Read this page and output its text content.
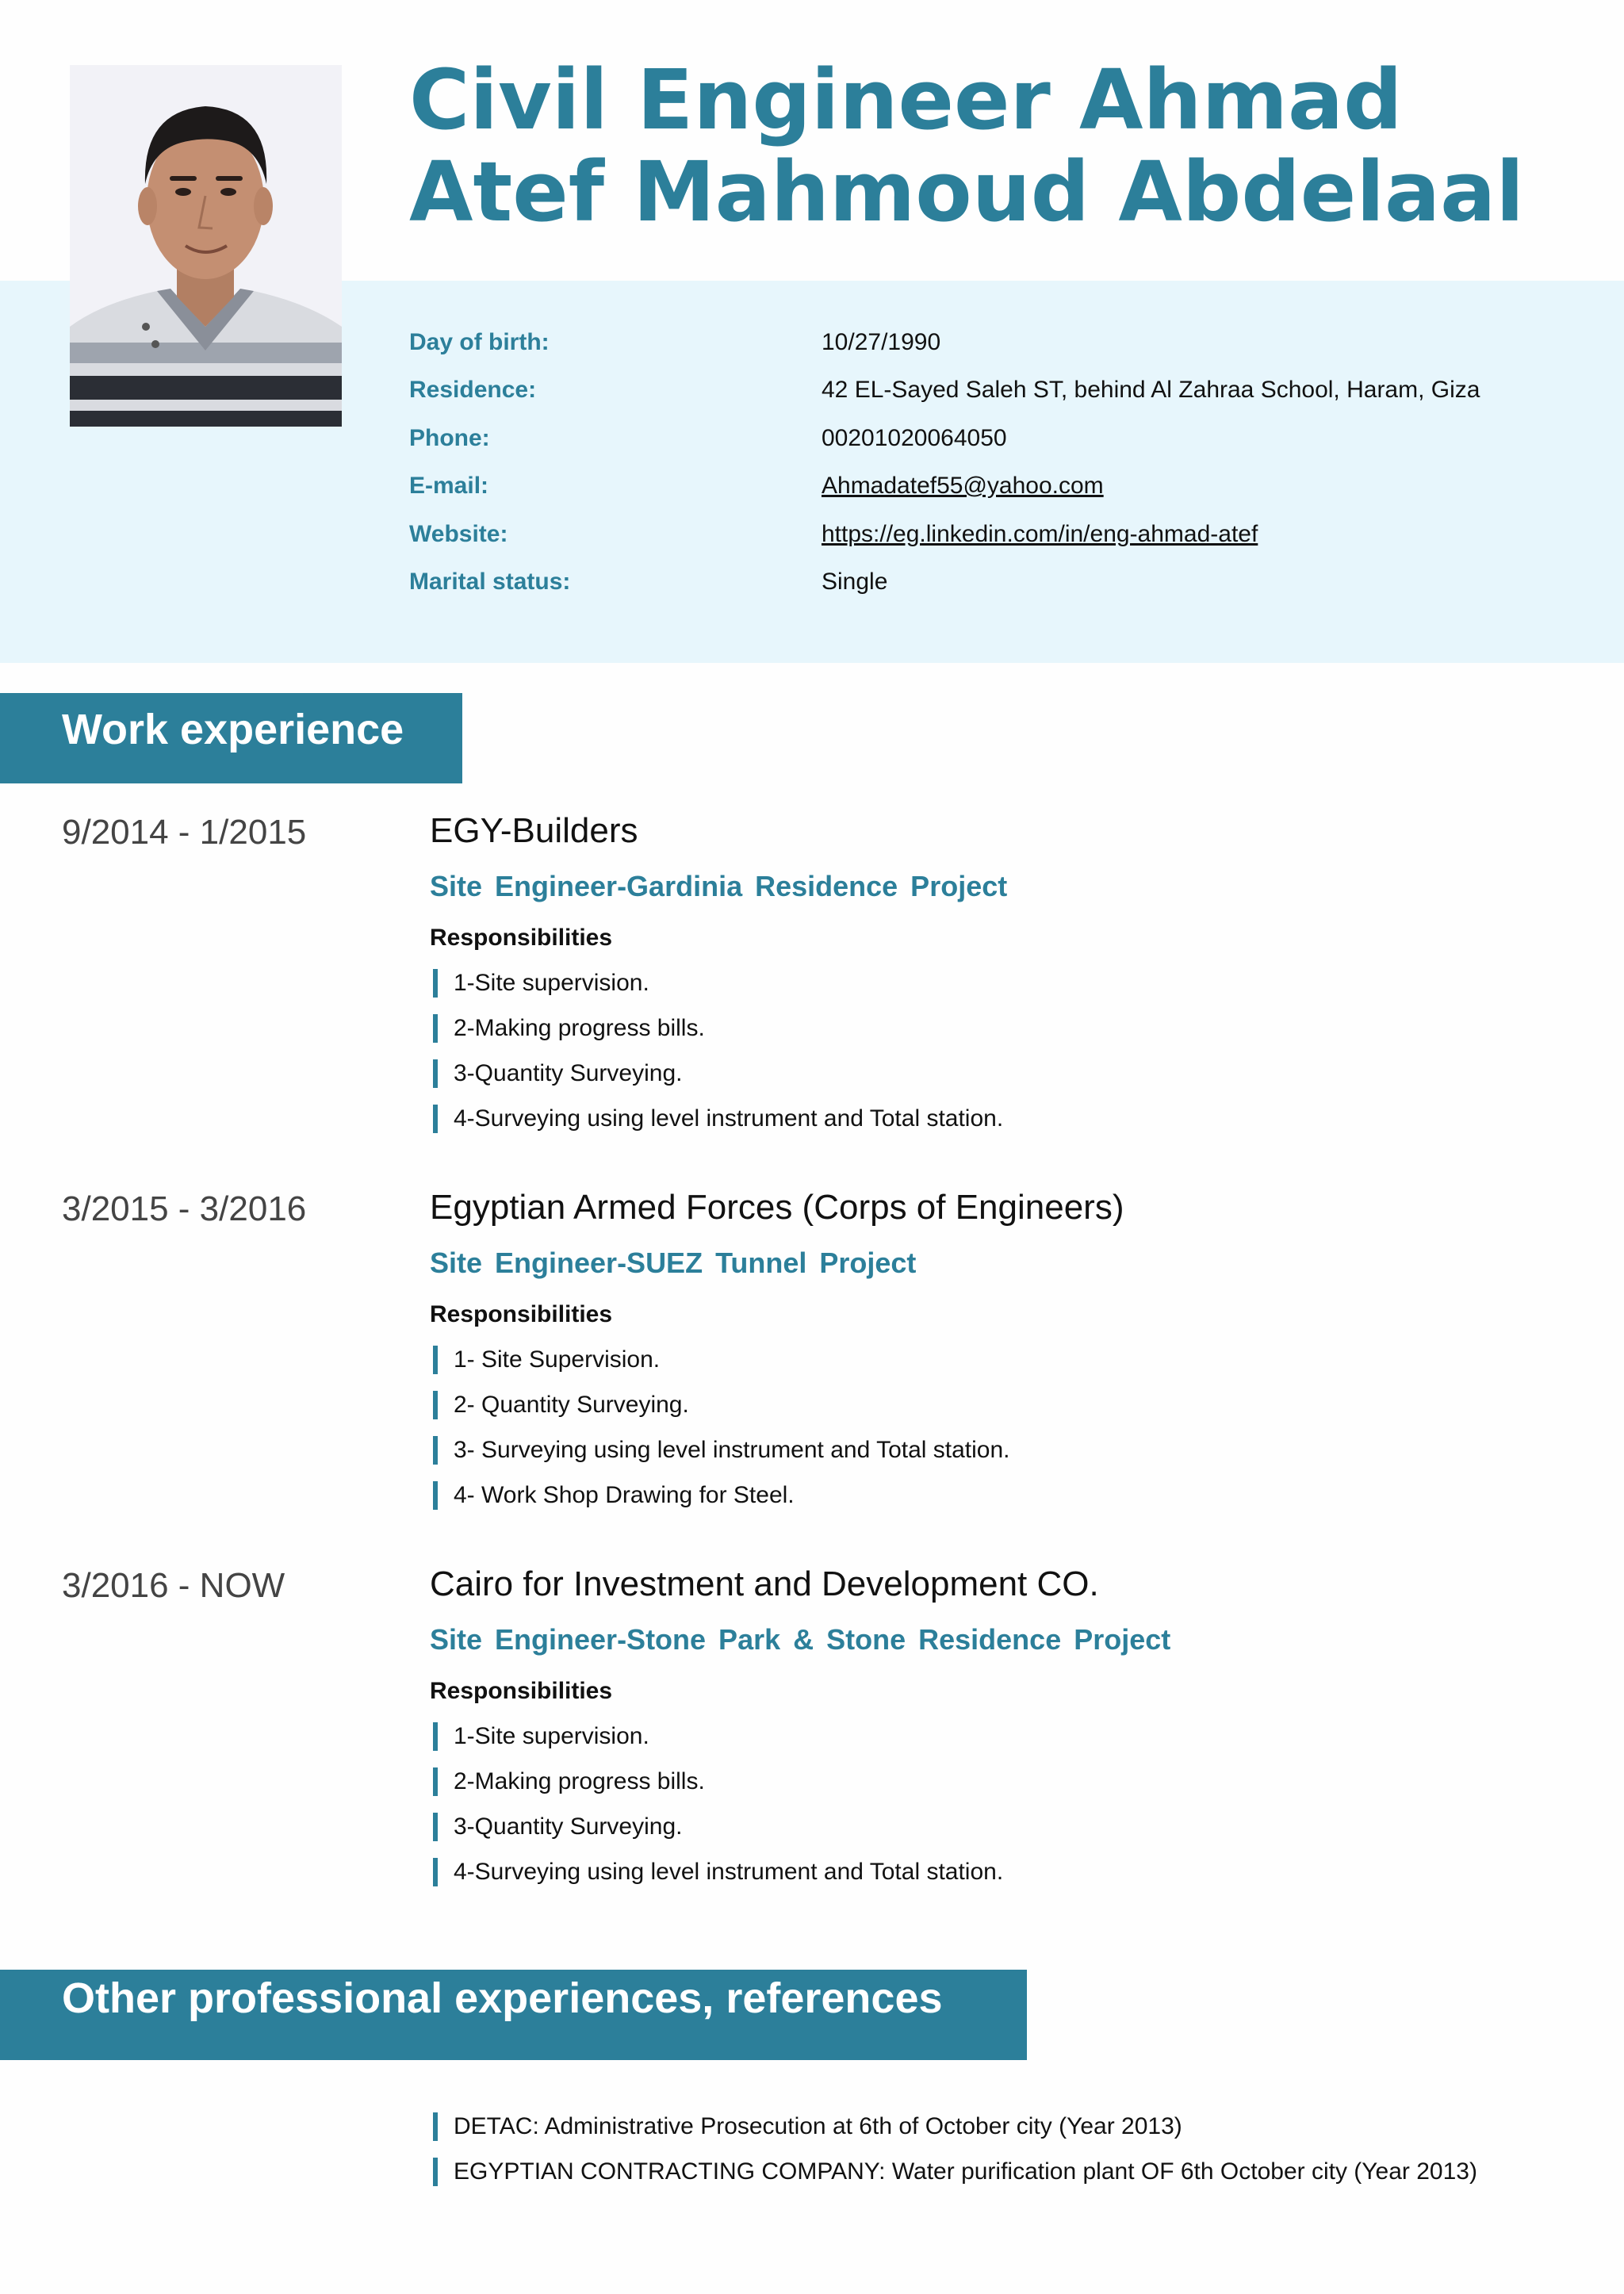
Civil Engineer Ahmad Atef Mahmoud Abdelaal
Day of birth:	10/27/1990
Residence:	42 EL-Sayed Saleh ST, behind Al Zahraa School, Haram, Giza
Phone:	00201020064050
E-mail:	Ahmadatef55@yahoo.com
Website:	https://eg.linkedin.com/in/eng-ahmad-atef
Marital status:	Single
Work experience
9/2014 - 1/2015	EGY-Builders
Site Engineer-Gardinia Residence Project
Responsibilities
1-Site supervision.
2-Making progress bills.
3-Quantity Surveying.
4-Surveying using level instrument and Total station.
3/2015 - 3/2016	Egyptian Armed Forces (Corps of Engineers)
Site Engineer-SUEZ Tunnel Project
Responsibilities
1- Site Supervision.
2- Quantity Surveying.
3- Surveying using level instrument and Total station.
4- Work Shop Drawing for Steel.
3/2016 - NOW	Cairo for Investment and Development CO.
Site Engineer-Stone Park & Stone Residence Project
Responsibilities
1-Site supervision.
2-Making progress bills.
3-Quantity Surveying.
4-Surveying using level instrument and Total station.
Other professional experiences, references
DETAC: Administrative Prosecution at 6th of October city (Year 2013)
EGYPTIAN CONTRACTING COMPANY: Water purification plant OF 6th October city (Year 2013)
